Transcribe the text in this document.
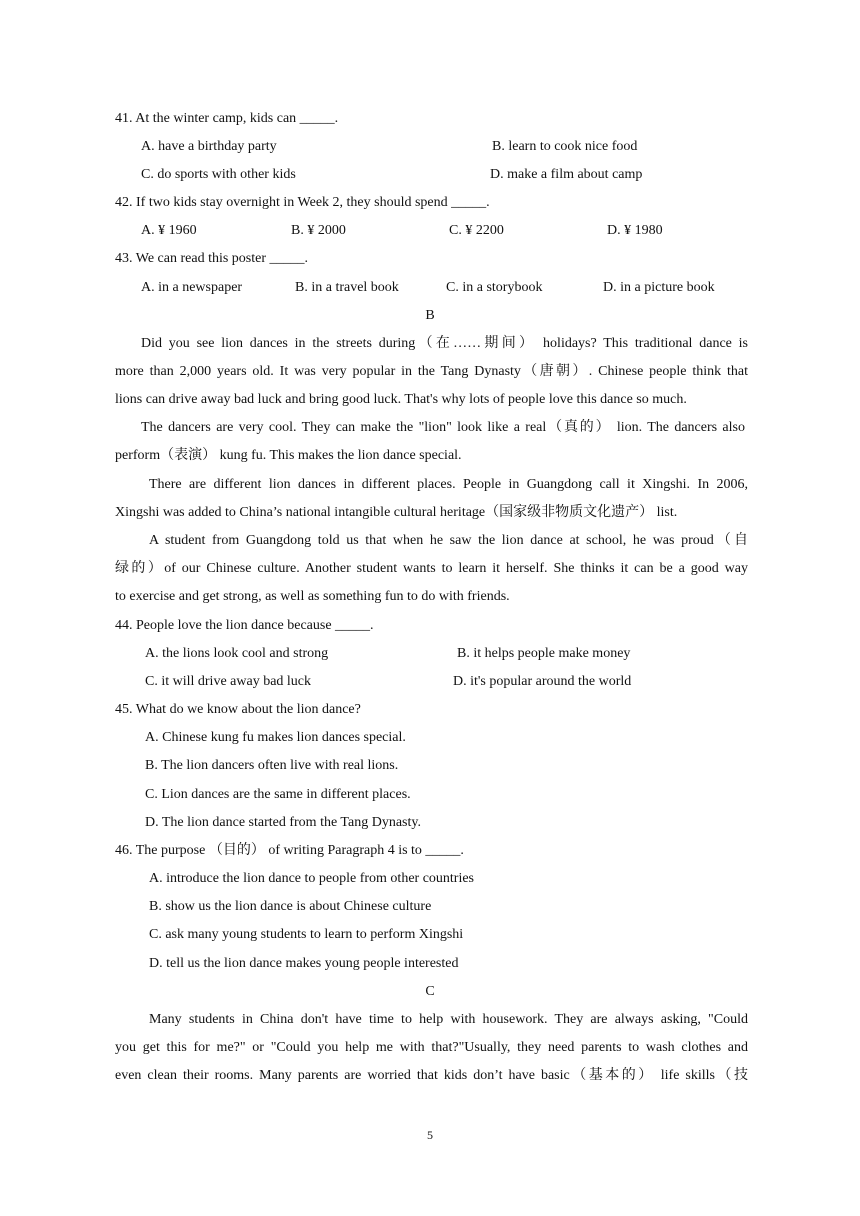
41. At the winter camp, kids can _____.
A. have a birthday party	B. learn to cook nice food
C. do sports with other kids	D. make a film about camp
42. If two kids stay overnight in Week 2, they should spend _____.
A. ¥ 1960	B. ¥ 2000	C. ¥ 2200	D. ¥ 1980
43. We can read this poster _____.
A. in a newspaper	B. in a travel book	C. in a storybook	D. in a picture book
B
Did you see lion dances in the streets during（在……期间） holidays? This traditional dance is
more than 2,000 years old. It was very popular in the Tang Dynasty（唐朝）. Chinese people think that
lions can drive away bad luck and bring good luck. That's why lots of people love this dance so much.
The dancers are very cool. They can make the "lion" look like a real（真的） lion. The dancers also
perform（表演） kung fu. This makes the lion dance special.
There are different lion dances in different places. People in Guangdong call it Xingshi. In 2006,
Xingshi was added to China’s national intangible cultural heritage（国家级非物质文化遗产） list.
A student from Guangdong told us that when he saw the lion dance at school, he was proud（自
绿的）of our Chinese culture. Another student wants to learn it herself. She thinks it can be a good way
to exercise and get strong, as well as something fun to do with friends.
44. People love the lion dance because _____.
A. the lions look cool and strong	B. it helps people make money
C. it will drive away bad luck	D. it's popular around the world
45. What do we know about the lion dance?
A. Chinese kung fu makes lion dances special.
B. The lion dancers often live with real lions.
C. Lion dances are the same in different places.
D. The lion dance started from the Tang Dynasty.
46. The purpose （目的） of writing Paragraph 4 is to _____.
A. introduce the lion dance to people from other countries
B. show us the lion dance is about Chinese culture
C. ask many young students to learn to perform Xingshi
D. tell us the lion dance makes young people interested
C
Many students in China don't have time to help with housework. They are always asking, "Could
you get this for me?" or "Could you help me with that?"Usually, they need parents to wash clothes and
even clean their rooms. Many parents are worried that kids don’t have basic（基本的） life skills（技
5
